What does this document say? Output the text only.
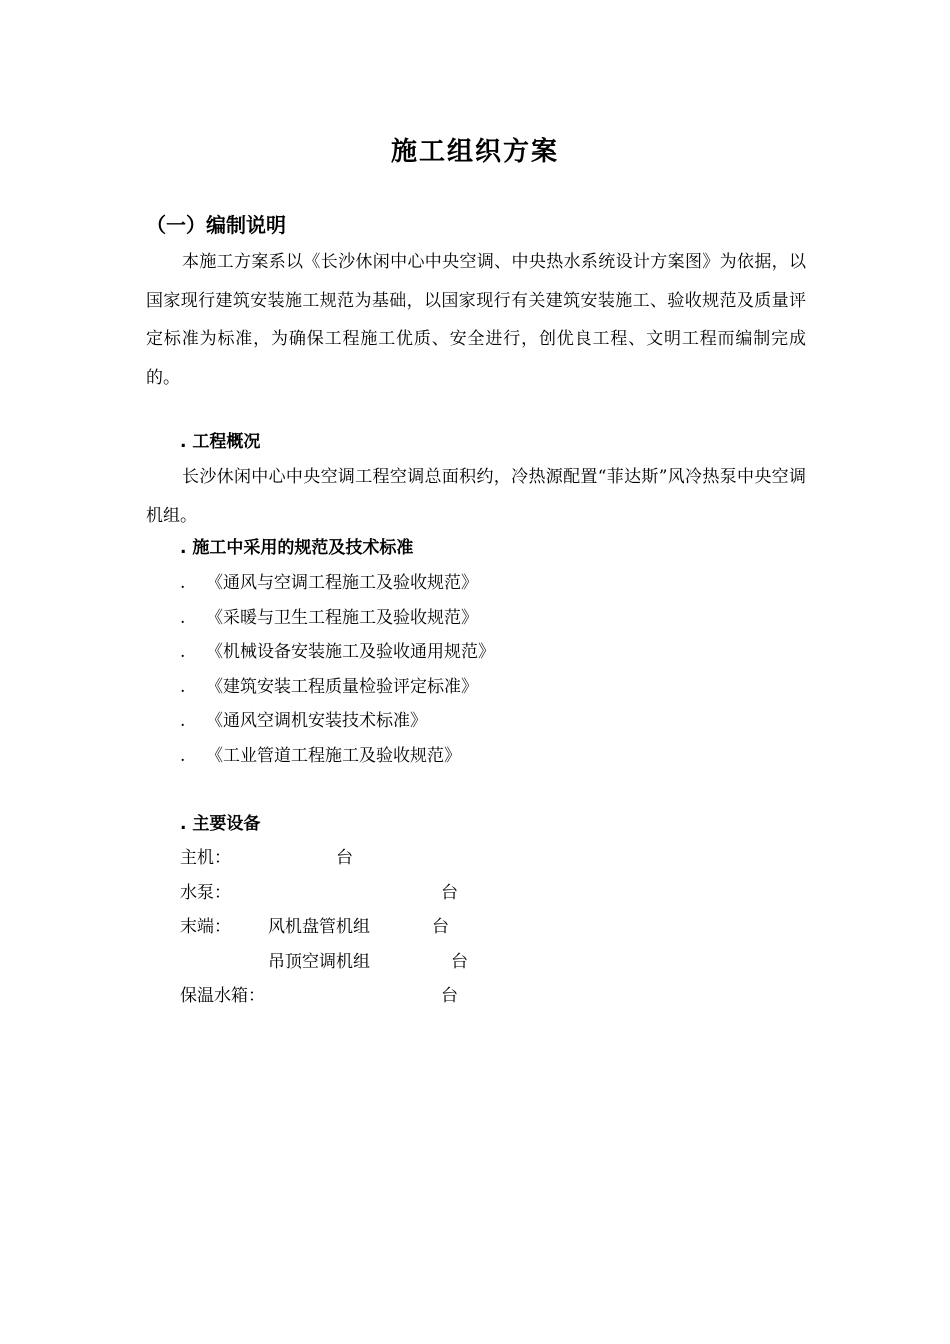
施工组织方案
（一）编制说明
本施工方案系以《长沙休闲中心中央空调、中央热水系统设计方案图》为依据，以国家现行建筑安装施工规范为基础，以国家现行有关建筑安装施工、验收规范及质量评定标准为标准，为确保工程施工优质、安全进行，创优良工程、文明工程而编制完成的。
. 工程概况
长沙休闲中心中央空调工程空调总面积约，冷热源配置“菲达斯”风冷热泵中央空调机组。
. 施工中采用的规范及技术标准
. 《通风与空调工程施工及验收规范》
. 《采暖与卫生工程施工及验收规范》
. 《机械设备安装施工及验收通用规范》
. 《建筑安装工程质量检验评定标准》
. 《通风空调机安装技术标准》
. 《工业管道工程施工及验收规范》
. 主要设备
主机：	台
水泵：	台
末端： 风机盘管机组	台
吊顶空调机组	台
保温水箱：	台
